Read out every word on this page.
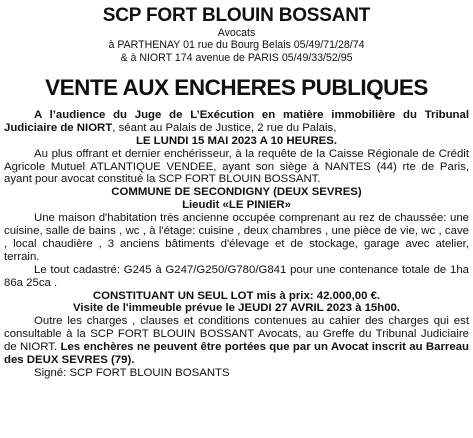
SCP FORT BLOUIN BOSSANT
Avocats
à PARTHENAY 01 rue du Bourg Belais 05/49/71/28/74
& à NIORT 174 avenue de PARIS 05/49/33/52/95
VENTE AUX ENCHERES PUBLIQUES

A l’audience du Juge de L’Exécution en matière immobilière du Tribunal Judiciaire de NIORT, séant au Palais de Justice, 2 rue du Palais,

LE LUNDI 15 MAI 2023 A 10 HEURES.

Au plus offrant et dernier enchérisseur, à la requête de la Caisse Régionale de Crédit Agricole Mutuel ATLANTIQUE VENDEE, ayant son siège à NANTES (44) rte de Paris, ayant pour avocat constitué la SCP FORT BLOUIN BOSSANT.

COMMUNE DE SECONDIGNY (DEUX SEVRES)

Lieudit «LE PINIER»

Une maison d'habitation très ancienne occupée comprenant au rez de chaussée: une cuisine, salle de bains , wc , à l'étage: cuisine , deux chambres , une pièce de vie, wc , cave , local chaudière , 3 anciens bâtiments d'élevage et de stockage, garage avec atelier, terrain.

Le tout cadastré: G245 à G247/G250/G780/G841 pour une contenance totale de 1ha 86a 25ca .

CONSTITUANT UN SEUL LOT mis à prix: 42.000,00 €.

Visite de l'immeuble prévue le JEUDI 27 AVRIL 2023 à 15h00.

Outre les charges , clauses et conditions contenues au cahier des charges qui est consultable à la SCP FORT BLOUIN BOSSANT Avocats, au Greffe du Tribunal Judiciaire de NIORT. Les enchères ne peuvent être portées que par un Avocat inscrit au Barreau des DEUX SEVRES (79).

Signé: SCP FORT BLOUIN BOSANTS
